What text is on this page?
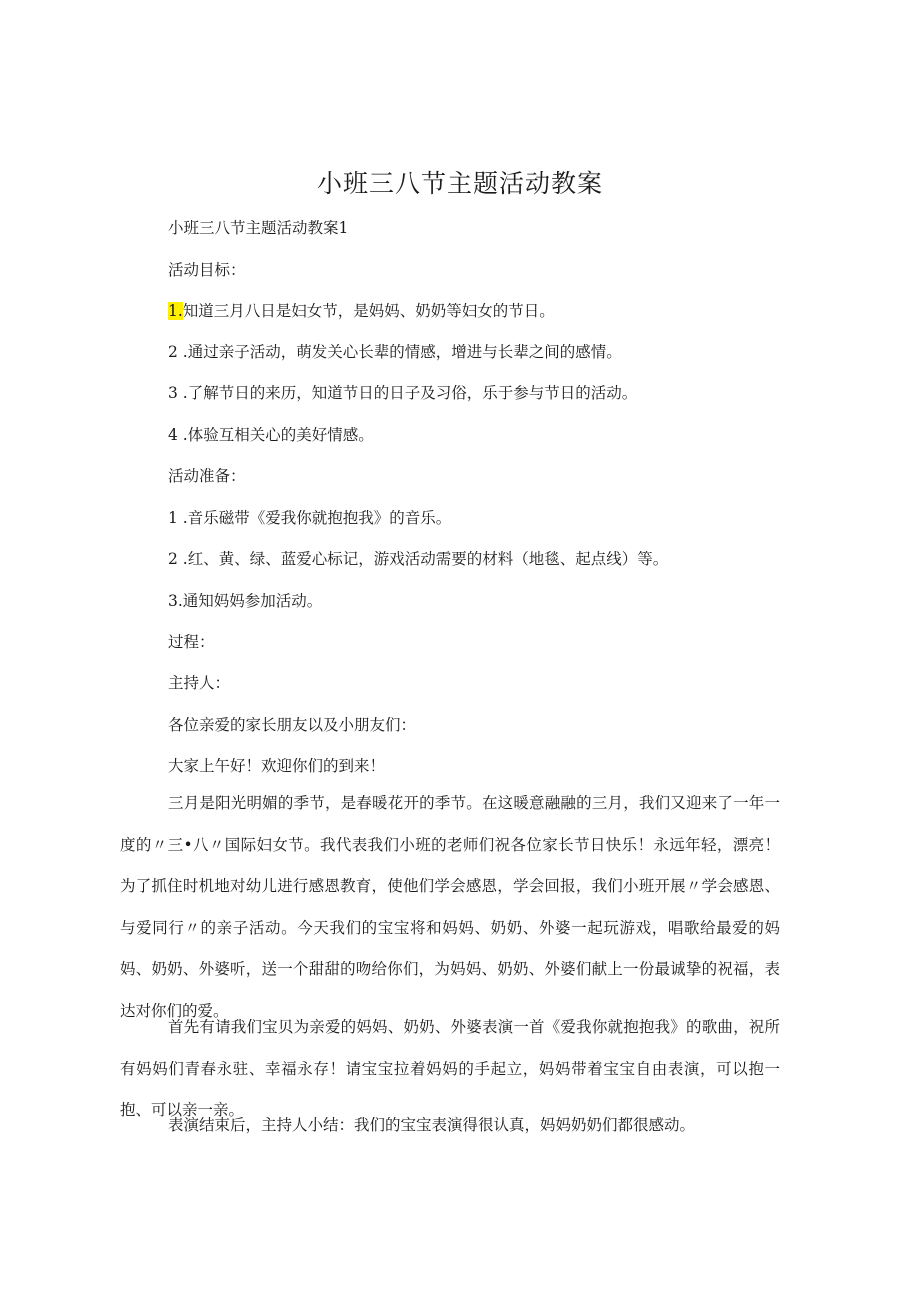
小班三八节主题活动教案

小班三八节主题活动教案1

活动目标：

1.知道三月八日是妇女节，是妈妈、奶奶等妇女的节日。

2 .通过亲子活动，萌发关心长辈的情感，增进与长辈之间的感情。

3 .了解节日的来历，知道节日的日子及习俗，乐于参与节日的活动。

4 .体验互相关心的美好情感。

活动准备：

1 .音乐磁带《爱我你就抱抱我》的音乐。

2 .红、黄、绿、蓝爱心标记，游戏活动需要的材料（地毯、起点线）等。

3.通知妈妈参加活动。

过程：

主持人：

各位亲爱的家长朋友以及小朋友们：

大家上午好！欢迎你们的到来！

三月是阳光明媚的季节，是春暖花开的季节。在这暖意融融的三月，我们又迎来了一年一度的〃三•八〃国际妇女节。我代表我们小班的老师们祝各位家长节日快乐！永远年轻，漂亮！为了抓住时机地对幼儿进行感恩教育，使他们学会感恩，学会回报，我们小班开展〃学会感恩、与爱同行〃的亲子活动。今天我们的宝宝将和妈妈、奶奶、外婆一起玩游戏，唱歌给最爱的妈妈、奶奶、外婆听，送一个甜甜的吻给你们，为妈妈、奶奶、外婆们献上一份最诚挚的祝福，表达对你们的爱。

首先有请我们宝贝为亲爱的妈妈、奶奶、外婆表演一首《爱我你就抱抱我》的歌曲，祝所有妈妈们青春永驻、幸福永存！请宝宝拉着妈妈的手起立，妈妈带着宝宝自由表演，可以抱一抱、可以亲一亲。

表演结束后，主持人小结：我们的宝宝表演得很认真，妈妈奶奶们都很感动。
